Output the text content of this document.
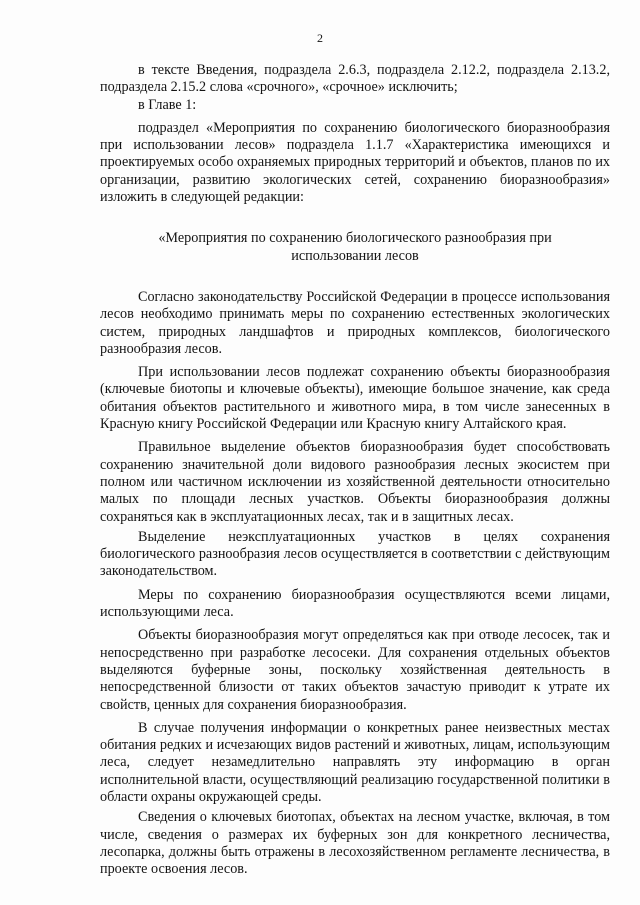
2

в тексте Введения, подраздела 2.6.3, подраздела 2.12.2, подраздела 2.13.2, подраздела 2.15.2 слова «срочного», «срочное» исключить;

в Главе 1:

подраздел «Мероприятия по сохранению биологического биоразнообразия при использовании лесов» подраздела 1.1.7 «Характеристика имеющихся и проектируемых особо охраняемых природных территорий и объектов, планов по их организации, развитию экологических сетей, сохранению биоразнообразия» изложить в следующей редакции:

«Мероприятия по сохранению биологического разнообразия при использовании лесов

Согласно законодательству Российской Федерации в процессе использования лесов необходимо принимать меры по сохранению естественных экологических систем, природных ландшафтов и природных комплексов, биологического разнообразия лесов.

При использовании лесов подлежат сохранению объекты биоразнообразия (ключевые биотопы и ключевые объекты), имеющие большое значение, как среда обитания объектов растительного и животного мира, в том числе занесенных в Красную книгу Российской Федерации или Красную книгу Алтайского края.

Правильное выделение объектов биоразнообразия будет способствовать сохранению значительной доли видового разнообразия лесных экосистем при полном или частичном исключении из хозяйственной деятельности относительно малых по площади лесных участков. Объекты биоразнообразия должны сохраняться как в эксплуатационных лесах, так и в защитных лесах.

Выделение неэксплуатационных участков в целях сохранения биологического разнообразия лесов осуществляется в соответствии с действующим законодательством.

Меры по сохранению биоразнообразия осуществляются всеми лицами, использующими леса.

Объекты биоразнообразия могут определяться как при отводе лесосек, так и непосредственно при разработке лесосеки. Для сохранения отдельных объектов выделяются буферные зоны, поскольку хозяйственная деятельность в непосредственной близости от таких объектов зачастую приводит к утрате их свойств, ценных для сохранения биоразнообразия.

В случае получения информации о конкретных ранее неизвестных местах обитания редких и исчезающих видов растений и животных, лицам, использующим леса, следует незамедлительно направлять эту информацию в орган исполнительной власти, осуществляющий реализацию государственной политики в области охраны окружающей среды.

Сведения о ключевых биотопах, объектах на лесном участке, включая, в том числе, сведения о размерах их буферных зон для конкретного лесничества, лесопарка, должны быть отражены в лесохозяйственном регламенте лесничества, в проекте освоения лесов.
